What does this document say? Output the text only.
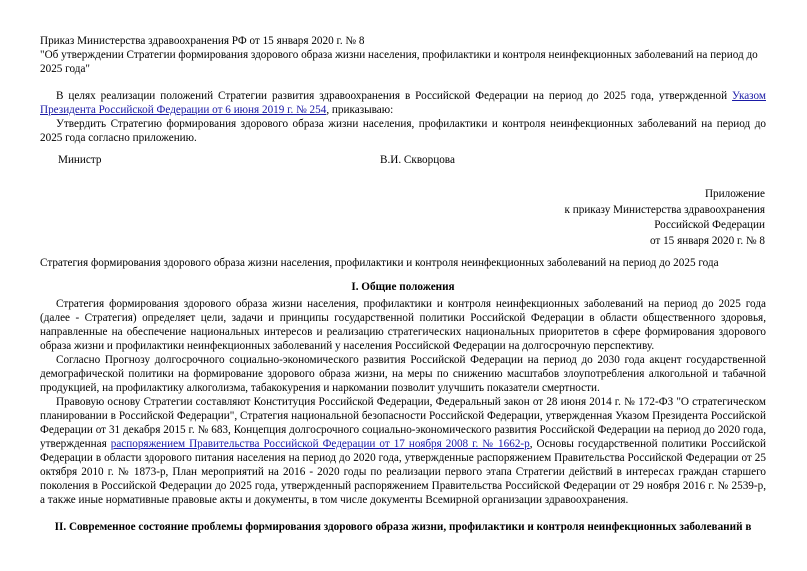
Приказ Министерства здравоохранения РФ от 15 января 2020 г. № 8

"Об утверждении Стратегии формирования здорового образа жизни населения, профилактики и контроля неинфекционных заболеваний на период до 2025 года"

В целях реализации положений Стратегии развития здравоохранения в Российской Федерации на период до 2025 года, утвержденной Указом Президента Российской Федерации от 6 июня 2019 г. № 254, приказываю:

Утвердить Стратегию формирования здорового образа жизни населения, профилактики и контроля неинфекционных заболеваний на период до 2025 года согласно приложению.

Министр	В.И. Скворцова

Приложение

к приказу Министерства здравоохранения

Российской Федерации

от 15 января 2020 г. № 8

Стратегия формирования здорового образа жизни населения, профилактики и контроля неинфекционных заболеваний на период до 2025 года
I. Общие положения

Стратегия формирования здорового образа жизни населения, профилактики и контроля неинфекционных заболеваний на период до 2025 года (далее - Стратегия) определяет цели, задачи и принципы государственной политики Российской Федерации в области общественного здоровья, направленные на обеспечение национальных интересов и реализацию стратегических национальных приоритетов в сфере формирования здорового образа жизни и профилактики неинфекционных заболеваний у населения Российской Федерации на долгосрочную перспективу.

Согласно Прогнозу долгосрочного социально-экономического развития Российской Федерации на период до 2030 года акцент государственной демографической политики на формирование здорового образа жизни, на меры по снижению масштабов злоупотребления алкогольной и табачной продукцией, на профилактику алкоголизма, табакокурения и наркомании позволит улучшить показатели смертности.

Правовую основу Стратегии составляют Конституция Российской Федерации, Федеральный закон от 28 июня 2014 г. № 172-ФЗ "О стратегическом планировании в Российской Федерации", Стратегия национальной безопасности Российской Федерации, утвержденная Указом Президента Российской Федерации от 31 декабря 2015 г. № 683, Концепция долгосрочного социально-экономического развития Российской Федерации на период до 2020 года, утвержденная распоряжением Правительства Российской Федерации от 17 ноября 2008 г. № 1662-р, Основы государственной политики Российской Федерации в области здорового питания населения на период до 2020 года, утвержденные распоряжением Правительства Российской Федерации от 25 октября 2010 г. № 1873-р, План мероприятий на 2016 - 2020 годы по реализации первого этапа Стратегии действий в интересах граждан старшего поколения в Российской Федерации до 2025 года, утвержденный распоряжением Правительства Российской Федерации от 29 ноября 2016 г. № 2539-р, а также иные нормативные правовые акты и документы, в том числе документы Всемирной организации здравоохранения.

II. Современное состояние проблемы формирования здорового образа жизни, профилактики и контроля неинфекционных заболеваний в
